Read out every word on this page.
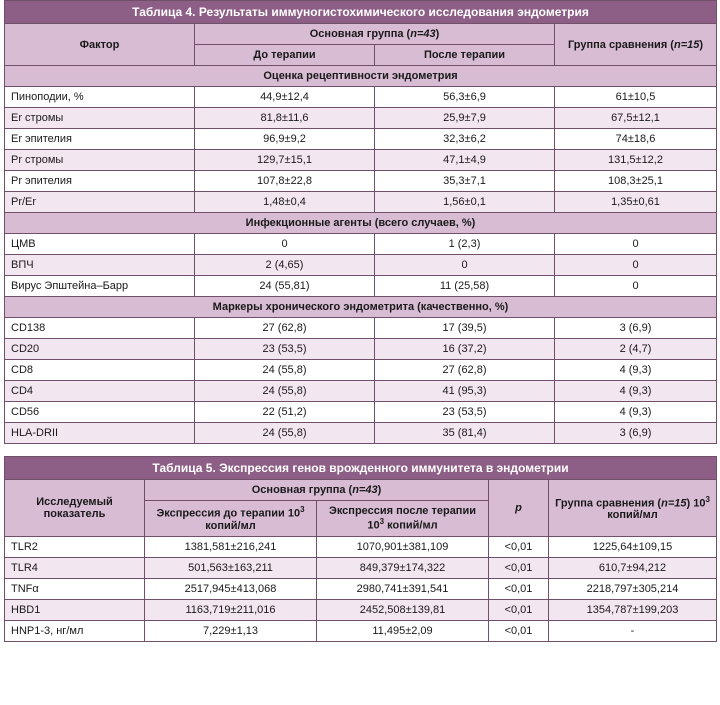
Таблица 4. Результаты иммуногистохимического исследования эндометрия			
Фактор	Основная группа (n=43)		Группа сравнения (n=15)
	До терапии	После терапии	
Оценка рецептивности эндометрия			
Пиноподии, %	44,9±12,4	56,3±6,9	61±10,5
Er стромы	81,8±11,6	25,9±7,9	67,5±12,1
Er эпителия	96,9±9,2	32,3±6,2	74±18,6
Pr стромы	129,7±15,1	47,1±4,9	131,5±12,2
Pr эпителия	107,8±22,8	35,3±7,1	108,3±25,1
Pr/Er	1,48±0,4	1,56±0,1	1,35±0,61
Инфекционные агенты (всего случаев, %)			
ЦМВ	0	1 (2,3)	0
ВПЧ	2 (4,65)	0	0
Вирус Эпштейна–Барр	24 (55,81)	11 (25,58)	0
Маркеры хронического эндометрита (качественно, %)			
CD138	27 (62,8)	17 (39,5)	3 (6,9)
CD20	23 (53,5)	16 (37,2)	2 (4,7)
CD8	24 (55,8)	27 (62,8)	4 (9,3)
CD4	24 (55,8)	41 (95,3)	4 (9,3)
CD56	22 (51,2)	23 (53,5)	4 (9,3)
HLA-DRII	24 (55,8)	35 (81,4)	3 (6,9)
Таблица 5. Экспрессия генов врожденного иммунитета в эндометрии				
Исследуемый показатель	Основная группа (n=43)		p	Группа сравнения (n=15) $10^3$ копий/мл
	Экспрессия до терапии $10^3$ копий/мл	Экспрессия после терапии $10^3$ копий/мл		
TLR2	1381,581±216,241	1070,901±381,109	<0,01	1225,64±109,15
TLR4	501,563±163,211	849,379±174,322	<0,01	610,7±94,212
TNFα	2517,945±413,068	2980,741±391,541	<0,01	2218,797±305,214
HBD1	1163,719±211,016	2452,508±139,81	<0,01	1354,787±199,203
HNP1-3, нг/мл	7,229±1,13	11,495±2,09	<0,01	-
